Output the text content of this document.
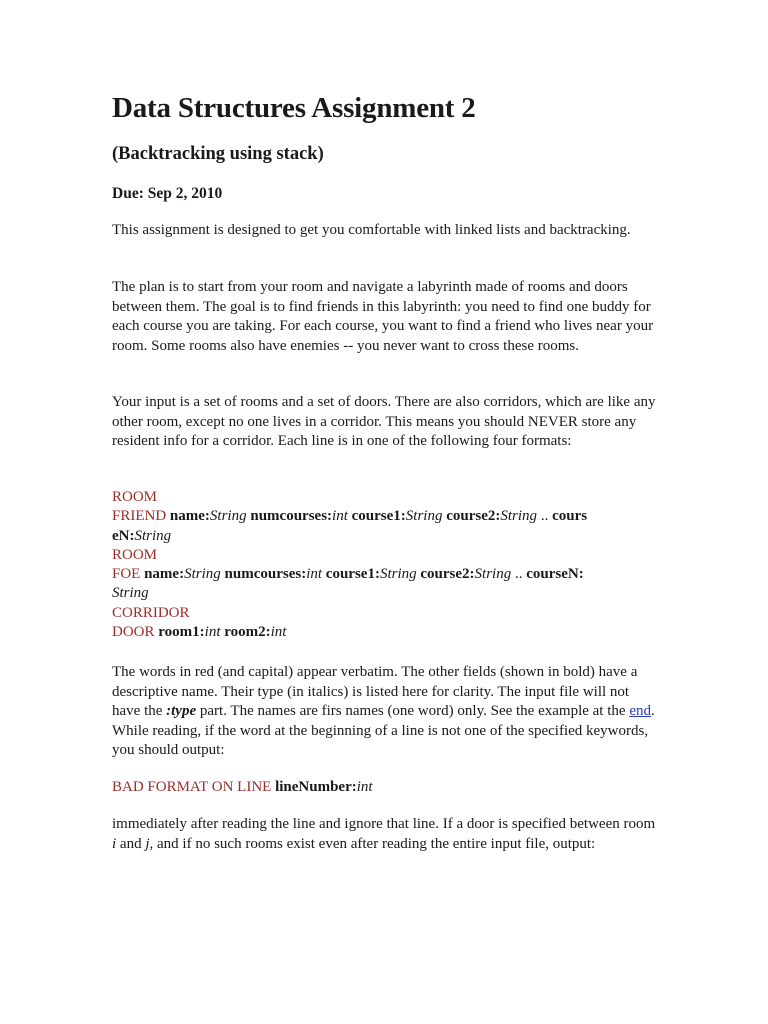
Data Structures Assignment 2
(Backtracking using stack)

Due: Sep 2, 2010

This assignment is designed to get you comfortable with linked lists and backtracking.

The plan is to start from your room and navigate a labyrinth made of rooms and doors between them. The goal is to find friends in this labyrinth: you need to find one buddy for each course you are taking. For each course, you want to find a friend who lives near your room. Some rooms also have enemies -- you never want to cross these rooms.

Your input is a set of rooms and a set of doors. There are also corridors, which are like any other room, except no one lives in a corridor. This means you should NEVER store any resident info for a corridor. Each line is in one of the following four formats:

ROOM
FRIEND name:String numcourses:int course1:String course2:String .. cours
eN:String
ROOM
FOE name:String numcourses:int course1:String course2:String .. courseN:
String
CORRIDOR
DOOR room1:int room2:int

The words in red (and capital) appear verbatim. The other fields (shown in bold) have a descriptive name. Their type (in italics) is listed here for clarity. The input file will not have the :type part. The names are firs names (one word) only. See the example at the end. While reading, if the word at the beginning of a line is not one of the specified keywords, you should output:

BAD FORMAT ON LINE lineNumber:int

immediately after reading the line and ignore that line. If a door is specified between room i and j, and if no such rooms exist even after reading the entire input file, output:
